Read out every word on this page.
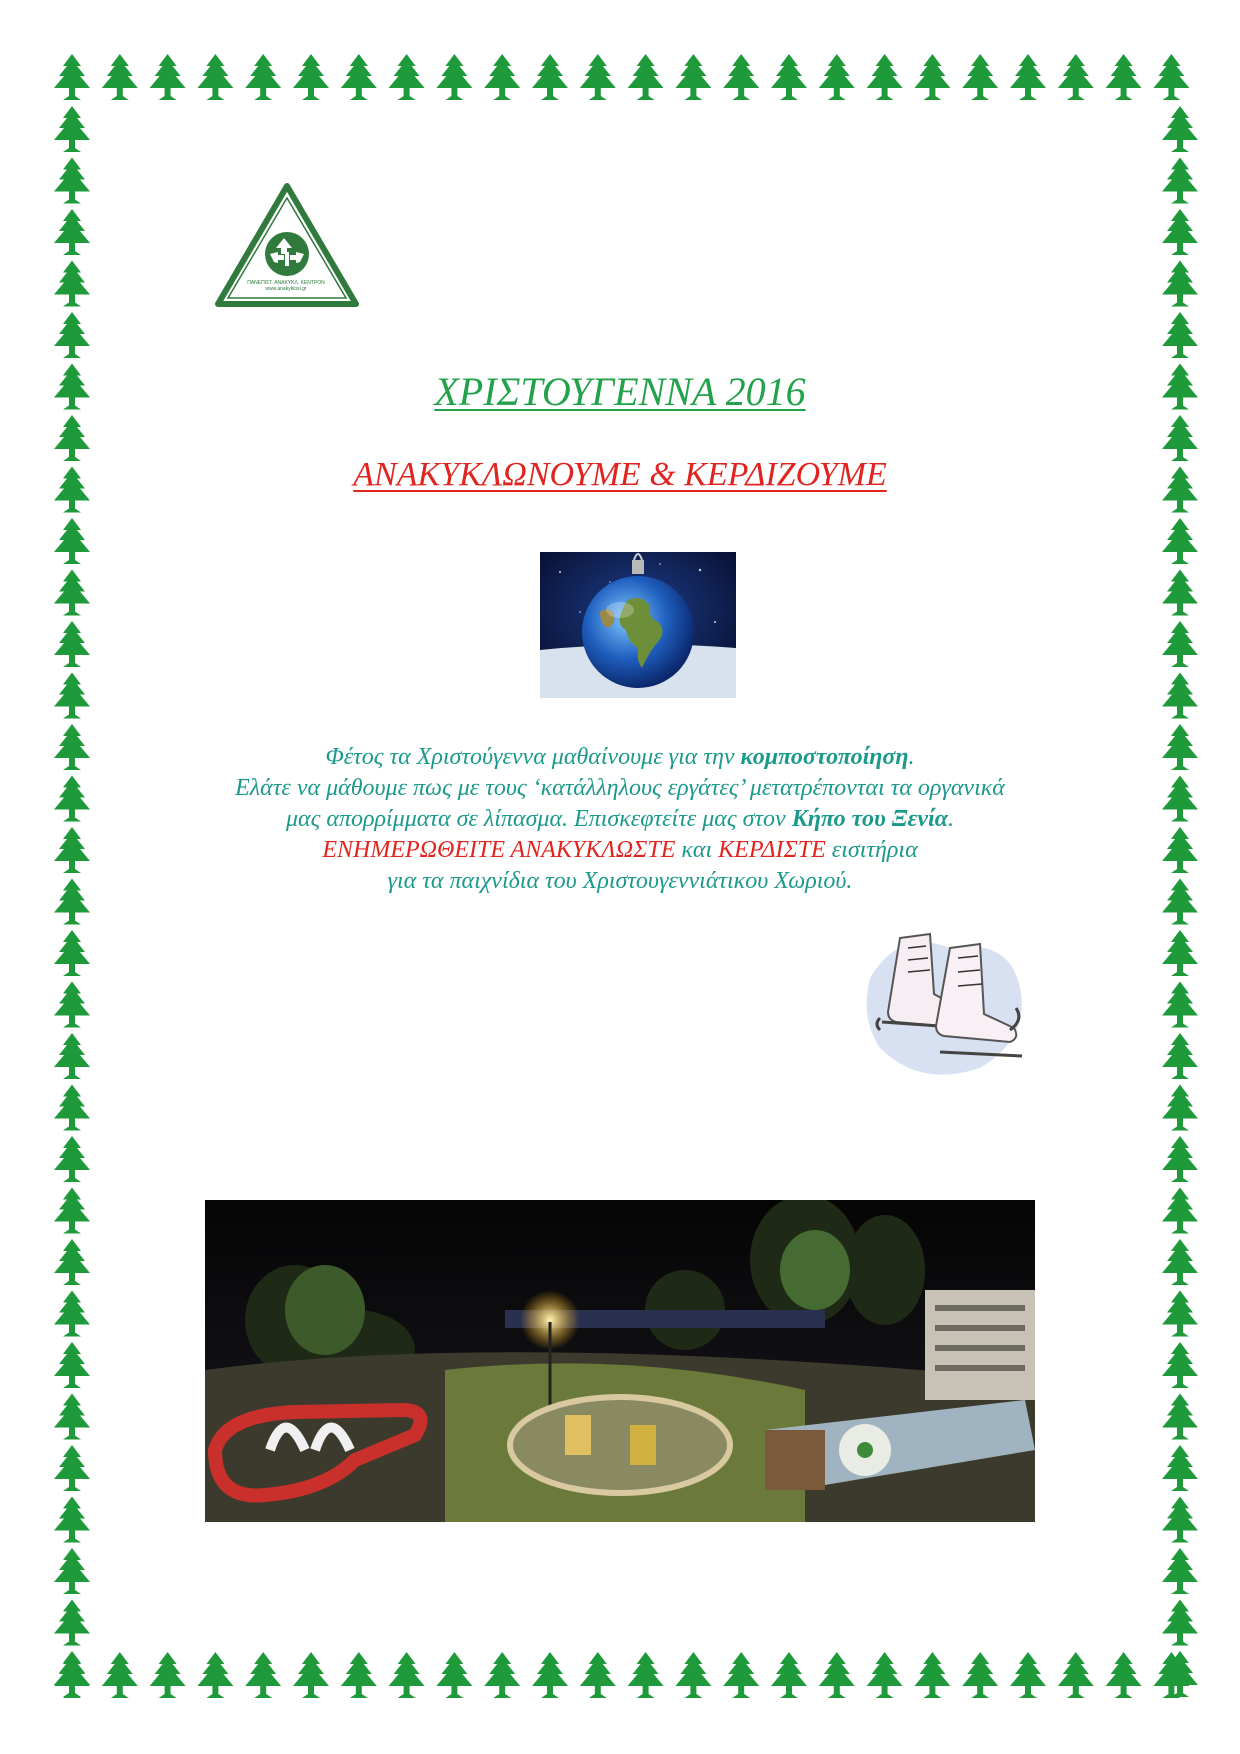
ΠΑΝΕΠΙΣΤ. ΑΝΑΚΥΚΛ. ΚΕΝΤΡΟΝ
www.anakyklosi.gr
ΧΡΙΣΤΟΥΓΕΝΝΑ 2016
ΑΝΑΚΥΚΛΩΝΟΥΜΕ & ΚΕΡΔΙΖΟΥΜΕ
Φέτος τα Χριστούγεννα μαθαίνουμε για την κομποστοποίηση.
Ελάτε να μάθουμε πως με τους ‘κατάλληλους εργάτες’ μετατρέπονται τα οργανικά
μας απορρίμματα σε λίπασμα. Επισκεφτείτε μας στον Κήπο του Ξενία.
ΕΝΗΜΕΡΩΘΕΙΤΕ ΑΝΑΚΥΚΛΩΣΤΕ και ΚΕΡΔΙΣΤΕ εισιτήρια
για τα παιχνίδια του Χριστουγεννιάτικου Χωριού.
